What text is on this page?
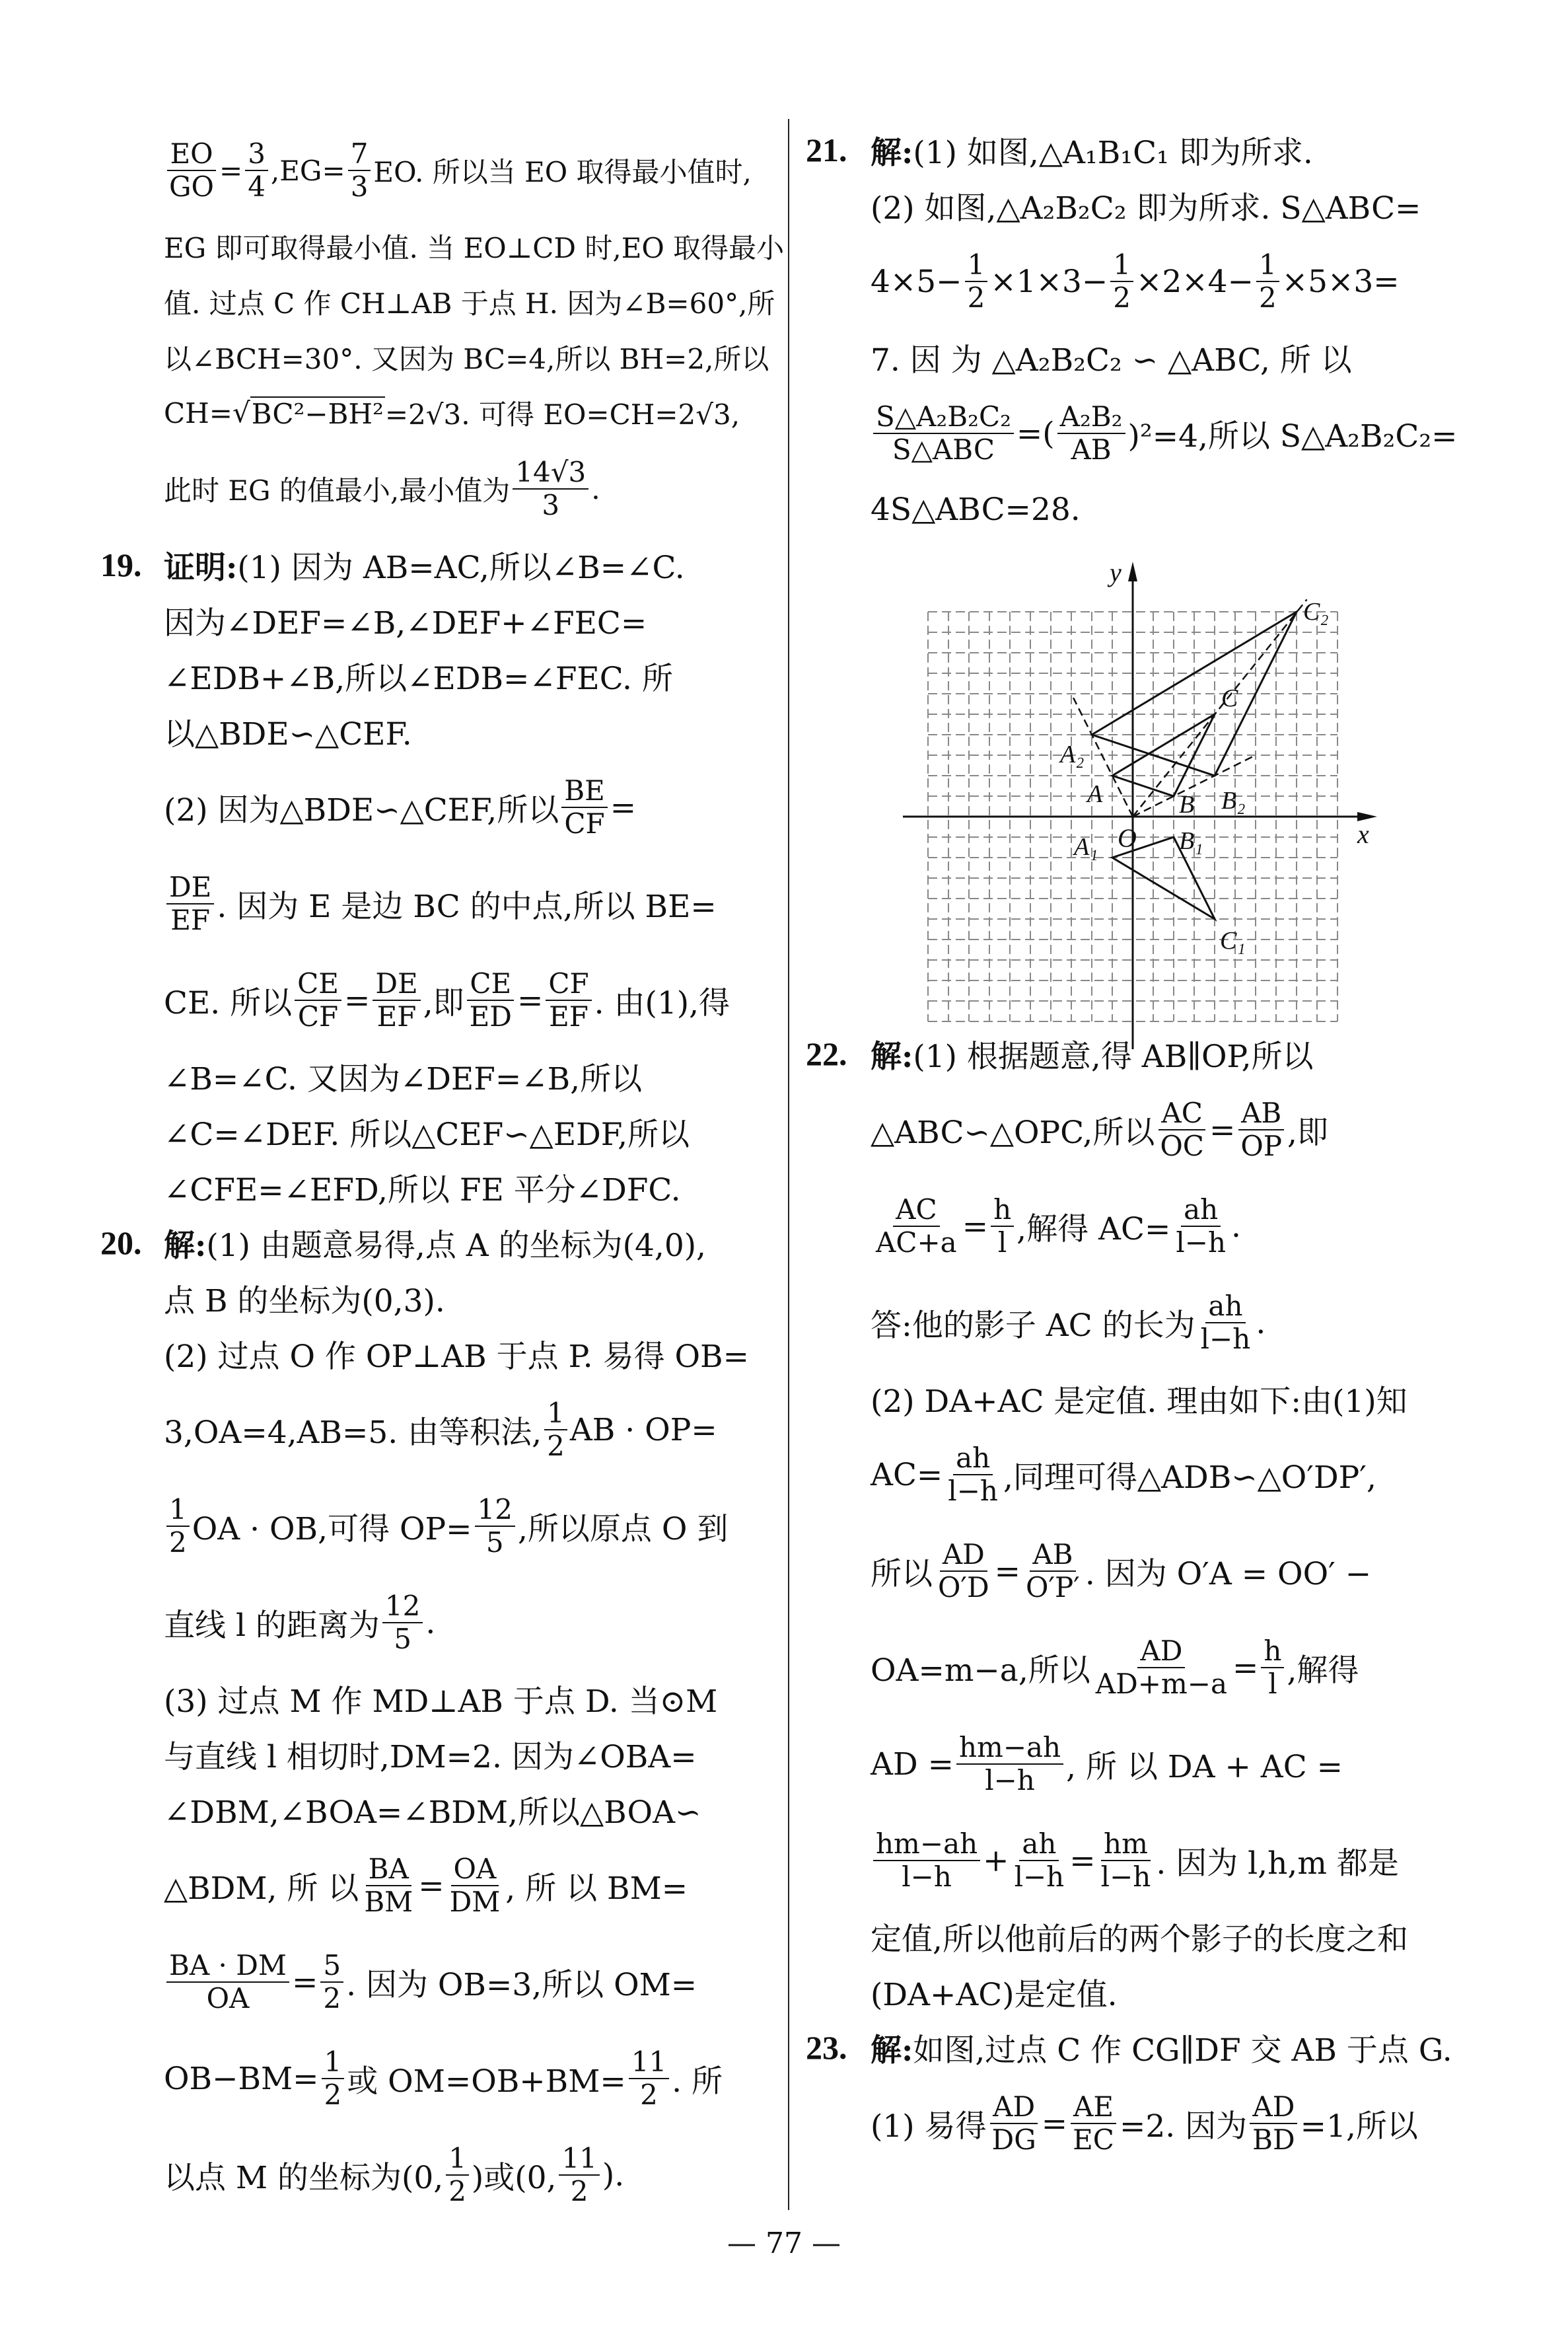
$\frac{EO}{GO} = \frac{3}{4} ,EG= \frac{7}{3}$ EO. 所以当 EO 取得最小值时,
EG 即可取得最小值. 当 EO⊥CD 时,EO 取得最小
值. 过点 C 作 CH⊥AB 于点 H. 因为∠B=60°,所
以∠BCH=30°. 又因为 BC=4,所以 BH=2,所以
CH= √ BC²−BH² =2√3. 可得 EO=CH=2√3,
此时 EG 的值最小,最小值为 $\frac{14√3}{3}$ .
19. 证明: (1) 因为 AB=AC,所以∠B=∠C.
因为∠DEF=∠B,∠DEF+∠FEC=
∠EDB+∠B,所以∠EDB=∠FEC. 所
以△BDE∽△CEF.
(2) 因为△BDE∽△CEF,所以 $\frac{BE}{CF}$ =
$\frac{DE}{EF}$ . 因为 E 是边 BC 的中点,所以 BE=
CE. 所以 $\frac{CE}{CF} = \frac{DE}{EF}$ ,即 $\frac{CE}{ED} = \frac{CF}{EF}$ . 由(1),得
∠B=∠C. 又因为∠DEF=∠B,所以
∠C=∠DEF. 所以△CEF∽△EDF,所以
∠CFE=∠EFD,所以 FE 平分∠DFC.
20. 解: (1) 由题意易得,点 A 的坐标为(4,0),
点 B 的坐标为(0,3).
(2) 过点 O 作 OP⊥AB 于点 P. 易得 OB=
3,OA=4,AB=5. 由等积法, $\frac{1}{2}$ AB · OP=
$\frac{1}{2}$ OA · OB,可得 $OP= \frac{12}{5}$ ,所以原点 O 到
直线 l 的距离为 $\frac{12}{5}$ .
(3) 过点 M 作 MD⊥AB 于点 D. 当⊙M
与直线 l 相切时,DM=2. 因为∠OBA=
∠DBM,∠BOA=∠BDM,所以△BOA∽
△BDM, 所 以 $\frac{BA}{BM} = \frac{OA}{DM}$ , 所 以 BM=
$\frac{BA \cdot DM}{OA} = \frac{5}{2}$ . 因为 OB=3,所以 OM=
$OB-BM= \frac{1}{2}$ 或 $OM=OB+BM= \frac{11}{2}$ . 所
以点 M 的坐标为(0, $\frac{1}{2}$ )或(0, $\frac{11}{2}$ ).
21. 解: (1) 如图,△A₁B₁C₁ 即为所求.
(2) 如图,△A₂B₂C₂ 即为所求. S△ABC=
$4\times 5- \frac{1}{2} \times 1\times 3- \frac{1}{2} \times 2\times 4- \frac{1}{2} \times 5\times 3=$
7. 因 为 △A₂B₂C₂ ∽ △ABC, 所 以
$\frac{\text{S△A₂B₂C₂}}{\text{S△ABC}}$ =( $\frac{\text{A₂B₂}}{AB} )^2=4$,所以 S△A₂B₂C₂=
4S△ABC=28.
22. 解: (1) 根据题意,得 AB∥OP,所以
△ABC∽△OPC,所以 $\frac{AC}{OC} = \frac{AB}{OP}$ ,即
$\frac{AC}{AC+a} = \frac{h}{l}$ ,解得 $AC= \frac{ah}{l-h}$ .
答:他的影子 AC 的长为 $\frac{ah}{l-h}$ .
(2) DA+AC 是定值. 理由如下:由(1)知
$AC= \frac{ah}{l-h}$ ,同理可得△ADB∽△O′DP′,
所以 $\frac{AD}{O'D} = \frac{AB}{O'P'}$ . 因为 O′A = OO′ −
OA=m−a,所以 $\frac{AD}{AD+m-a} = \frac{h}{l}$ ,解得
AD = $\frac{hm-ah}{l-h}$ , 所 以 DA + AC =
$\frac{hm-ah}{l-h} + \frac{ah}{l-h} = \frac{hm}{l-h}$ . 因为 l,h,m 都是
定值,所以他前后的两个影子的长度之和
(DA+AC)是定值.
23. 解: 如图,过点 C 作 CG∥DF 交 AB 于点 G.
(1) 易得 $\frac{AD}{DG} = \frac{AE}{EC} =2$. 因为 $\frac{AD}{BD} =1$,所以
x
y
O
A	B
C
A₁	B₁
C₁
A₂
B₂
C₂
— 77 —
